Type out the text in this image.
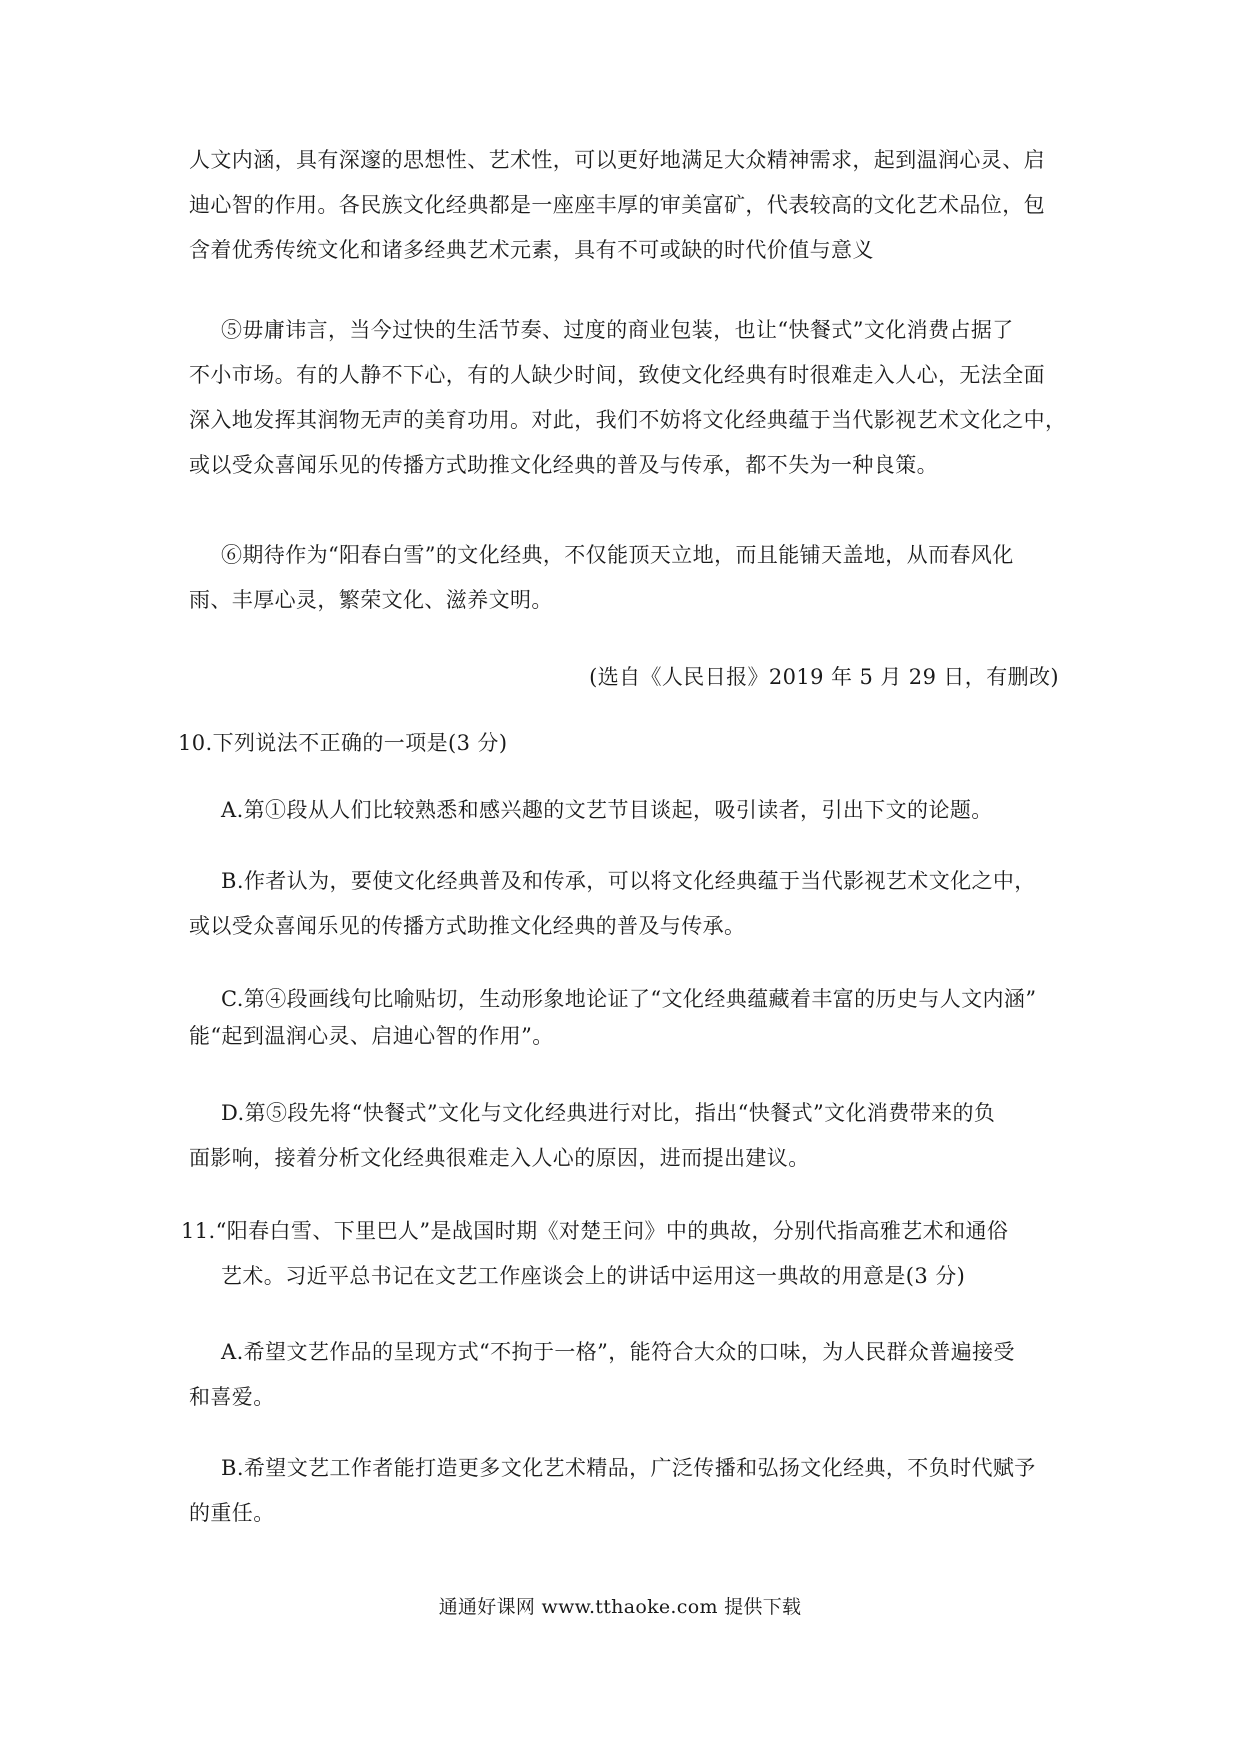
人文内涵，具有深邃的思想性、艺术性，可以更好地满足大众精神需求，起到温润心灵、启
迪心智的作用。各民族文化经典都是一座座丰厚的审美富矿，代表较高的文化艺术品位，包
含着优秀传统文化和诸多经典艺术元素，具有不可或缺的时代价值与意义
⑤毋庸讳言，当今过快的生活节奏、过度的商业包装，也让“快餐式”文化消费占据了
不小市场。有的人静不下心，有的人缺少时间，致使文化经典有时很难走入人心，无法全面
深入地发挥其润物无声的美育功用。对此，我们不妨将文化经典蕴于当代影视艺术文化之中，
或以受众喜闻乐见的传播方式助推文化经典的普及与传承，都不失为一种良策。
⑥期待作为“阳春白雪”的文化经典，不仅能顶天立地，而且能铺天盖地，从而春风化
雨、丰厚心灵，繁荣文化、滋养文明。
(选自《人民日报》2019 年 5 月 29 日，有删改)
10.下列说法不正确的一项是(3 分)
A.第①段从人们比较熟悉和感兴趣的文艺节目谈起，吸引读者，引出下文的论题。
B.作者认为，要使文化经典普及和传承，可以将文化经典蕴于当代影视艺术文化之中，
或以受众喜闻乐见的传播方式助推文化经典的普及与传承。
C.第④段画线句比喻贴切，生动形象地论证了“文化经典蕴藏着丰富的历史与人文内涵”
能“起到温润心灵、启迪心智的作用”。
D.第⑤段先将“快餐式”文化与文化经典进行对比，指出“快餐式”文化消费带来的负
面影响，接着分析文化经典很难走入人心的原因，进而提出建议。
11.“阳春白雪、下里巴人”是战国时期《对楚王问》中的典故，分别代指高雅艺术和通俗
艺术。习近平总书记在文艺工作座谈会上的讲话中运用这一典故的用意是(3 分)
A.希望文艺作品的呈现方式“不拘于一格”，能符合大众的口味，为人民群众普遍接受
和喜爱。
B.希望文艺工作者能打造更多文化艺术精品，广泛传播和弘扬文化经典，不负时代赋予
的重任。
通通好课网 www.tthaoke.com 提供下载
